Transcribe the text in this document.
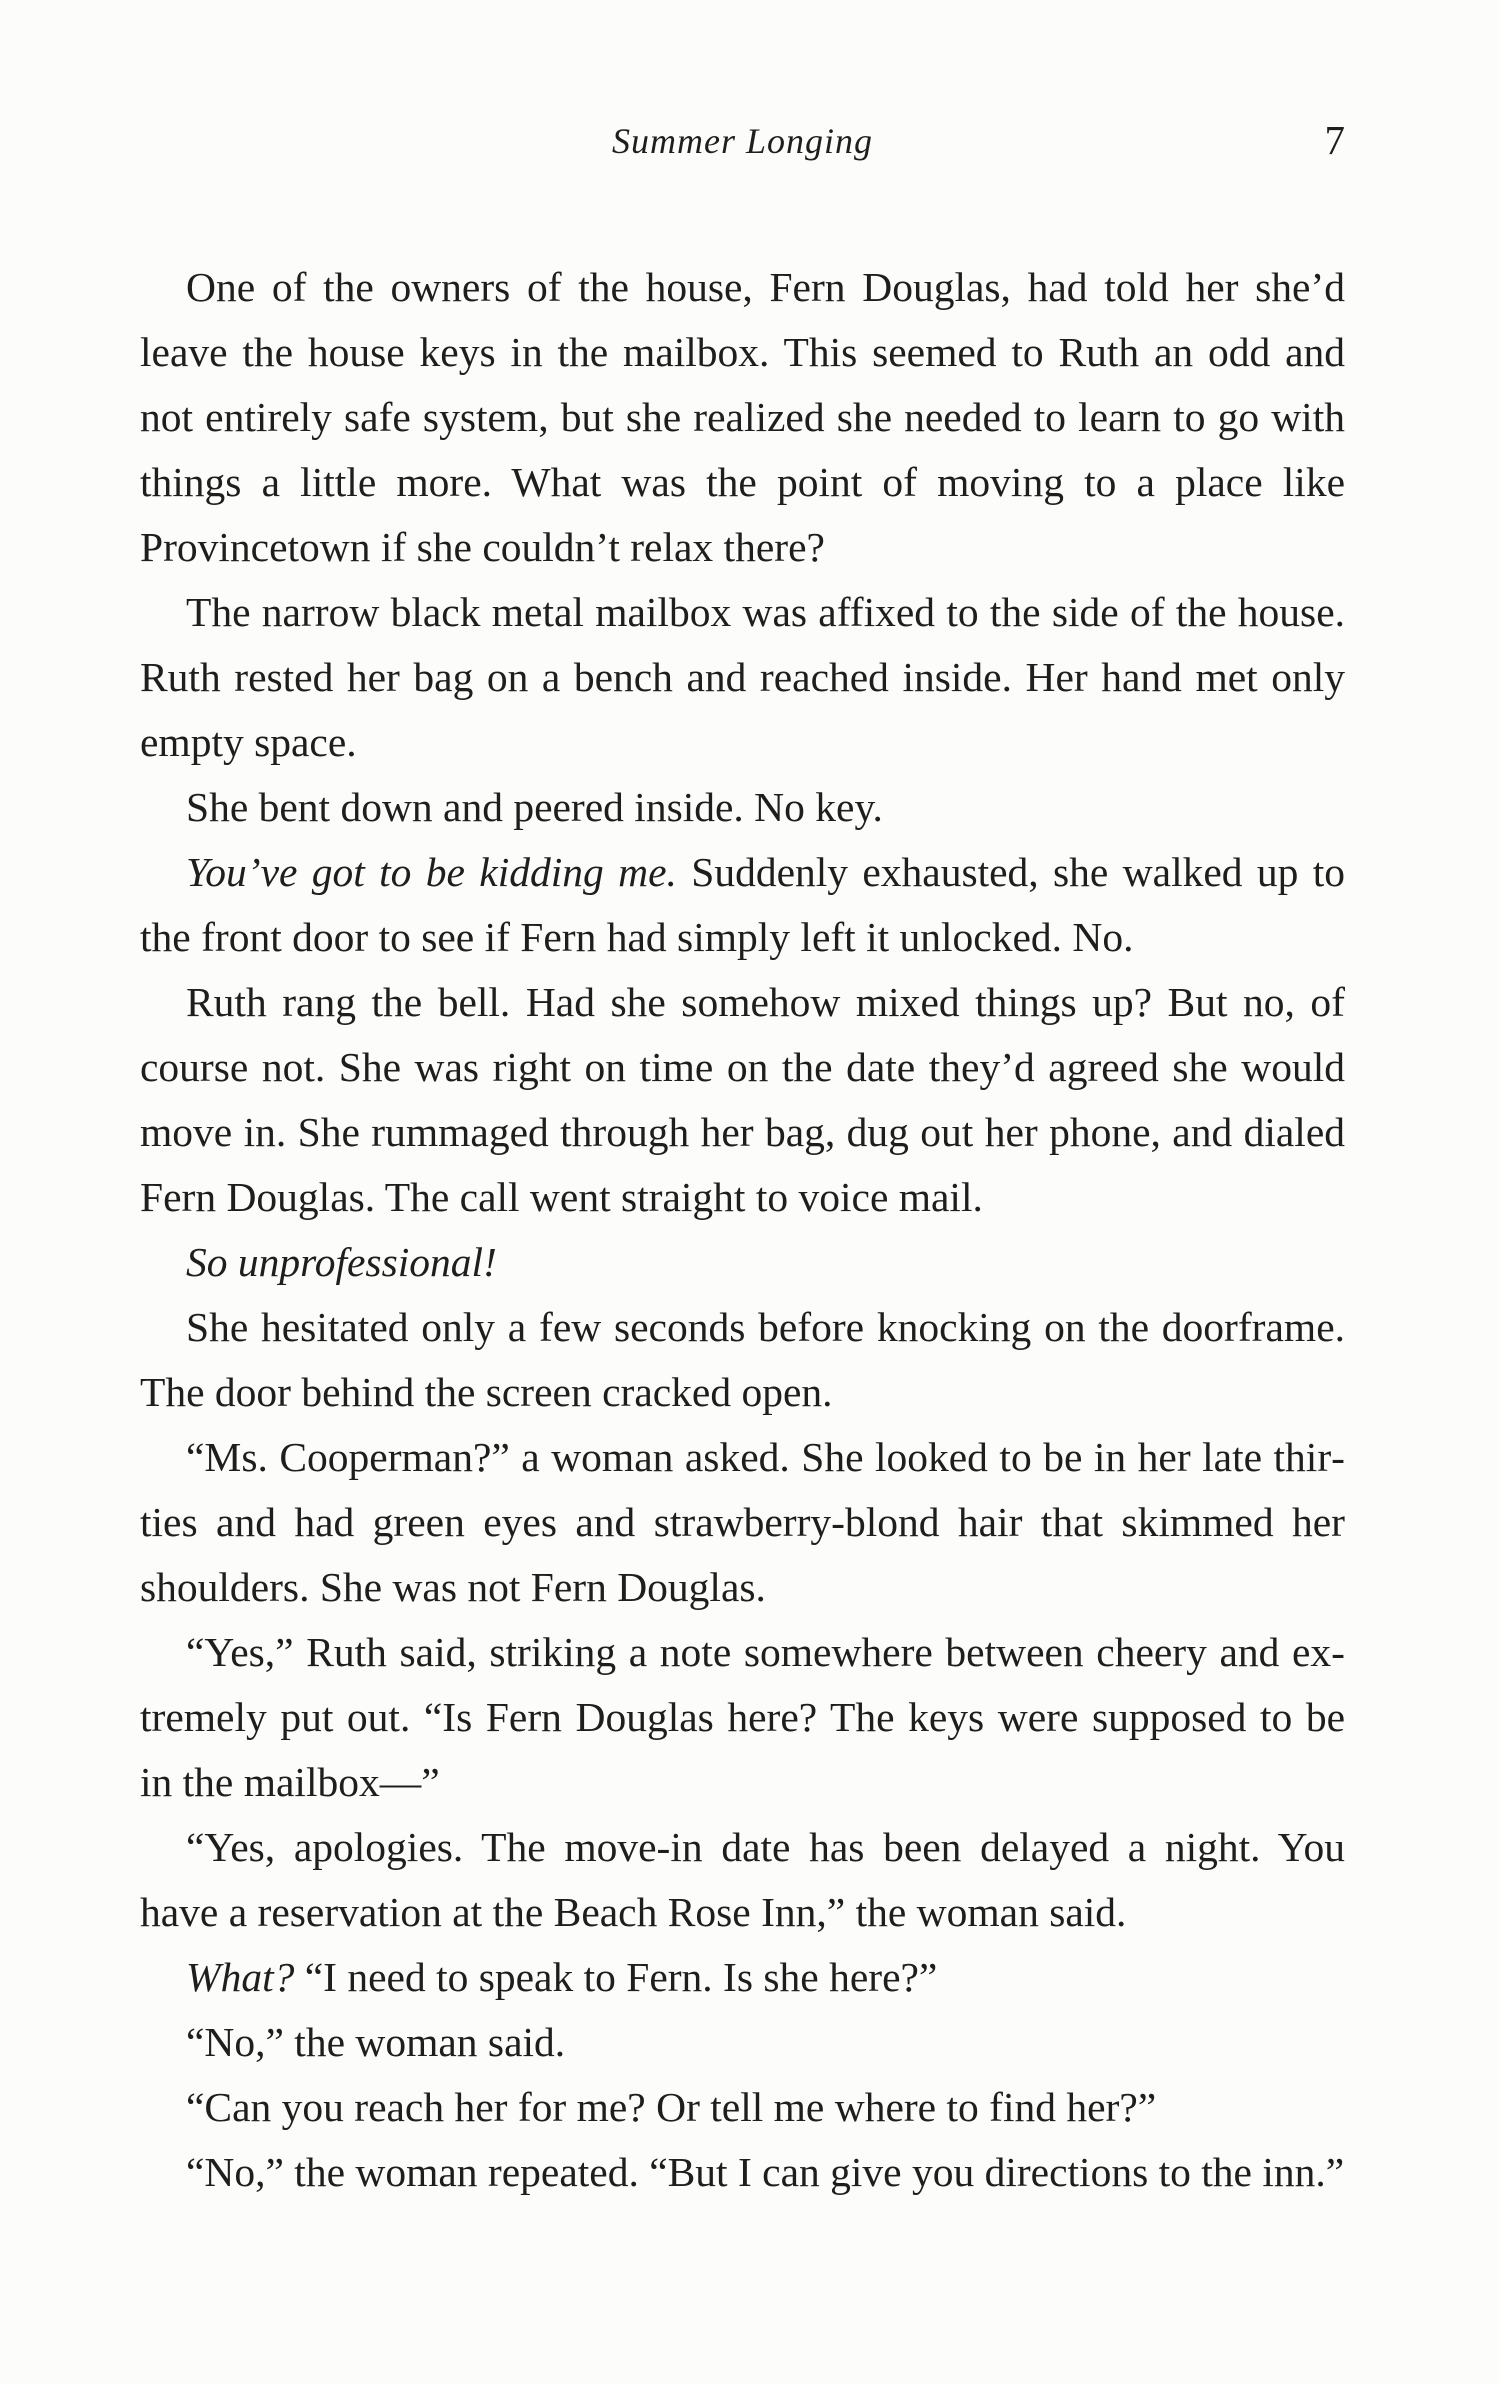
Summer Longing	7

One of the owners of the house, Fern Douglas, had told her she’d leave the house keys in the mailbox. This seemed to Ruth an odd and not entirely safe system, but she realized she needed to learn to go with things a little more. What was the point of moving to a place like Provincetown if she couldn’t relax there?

The narrow black metal mailbox was affixed to the side of the house. Ruth rested her bag on a bench and reached inside. Her hand met only empty space.

She bent down and peered inside. No key.

You’ve got to be kidding me. Suddenly exhausted, she walked up to the front door to see if Fern had simply left it unlocked. No.

Ruth rang the bell. Had she somehow mixed things up? But no, of course not. She was right on time on the date they’d agreed she would move in. She rummaged through her bag, dug out her phone, and dialed Fern Douglas. The call went straight to voice mail.

So unprofessional!

She hesitated only a few seconds before knocking on the doorframe. The door behind the screen cracked open.

“Ms. Cooperman?” a woman asked. She looked to be in her late thirties and had green eyes and strawberry-blond hair that skimmed her shoulders. She was not Fern Douglas.

“Yes,” Ruth said, striking a note somewhere between cheery and extremely put out. “Is Fern Douglas here? The keys were supposed to be in the mailbox—”

“Yes, apologies. The move-in date has been delayed a night. You have a reservation at the Beach Rose Inn,” the woman said.

What? “I need to speak to Fern. Is she here?”

“No,” the woman said.

“Can you reach her for me? Or tell me where to find her?”

“No,” the woman repeated. “But I can give you directions to the inn.”
